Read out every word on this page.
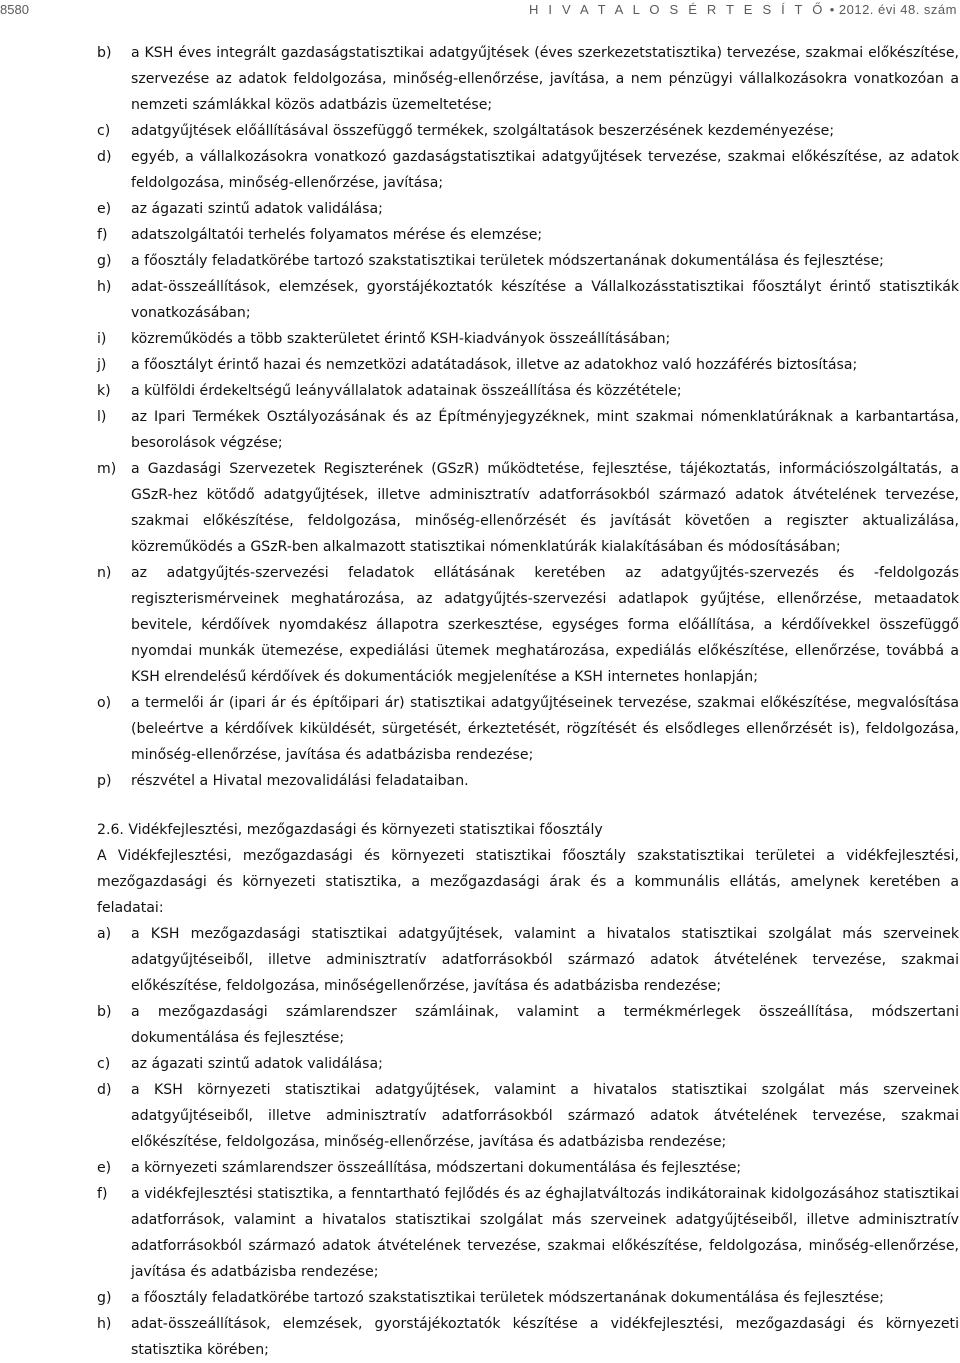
8580	H I V A T A L O S É R T E S Í T Ő • 2012. évi 48. szám
b)	a KSH éves integrált gazdaságstatisztikai adatgyűjtések (éves szerkezetstatisztika) tervezése, szakmai előkészítése, szervezése az adatok feldolgozása, minőség-ellenőrzése, javítása, a nem pénzügyi vállalkozásokra vonatkozóan a nemzeti számlákkal közös adatbázis üzemeltetése;
c)	adatgyűjtések előállításával összefüggő termékek, szolgáltatások beszerzésének kezdeményezése;
d)	egyéb, a vállalkozásokra vonatkozó gazdaságstatisztikai adatgyűjtések tervezése, szakmai előkészítése, az adatok feldolgozása, minőség-ellenőrzése, javítása;
e)	az ágazati szintű adatok validálása;
f)	adatszolgáltatói terhelés folyamatos mérése és elemzése;
g)	a főosztály feladatkörébe tartozó szakstatisztikai területek módszertanának dokumentálása és fejlesztése;
h)	adat-összeállítások, elemzések, gyorstájékoztatók készítése a Vállalkozásstatisztikai főosztályt érintő statisztikák vonatkozásában;
i)	közreműködés a több szakterületet érintő KSH-kiadványok összeállításában;
j)	a főosztályt érintő hazai és nemzetközi adatátadások, illetve az adatokhoz való hozzáférés biztosítása;
k)	a külföldi érdekeltségű leányvállalatok adatainak összeállítása és közzététele;
l)	az Ipari Termékek Osztályozásának és az Építményjegyzéknek, mint szakmai nómenklatúráknak a karbantartása, besorolások végzése;
m)	a Gazdasági Szervezetek Regiszterének (GSzR) működtetése, fejlesztése, tájékoztatás, információszolgáltatás, a GSzR-hez kötődő adatgyűjtések, illetve adminisztratív adatforrásokból származó adatok átvételének tervezése, szakmai előkészítése, feldolgozása, minőség-ellenőrzését és javítását követően a regiszter aktualizálása, közreműködés a GSzR-ben alkalmazott statisztikai nómenklatúrák kialakításában és módosításában;
n)	az adatgyűjtés-szervezési feladatok ellátásának keretében az adatgyűjtés-szervezés és -feldolgozás regiszterismérveinek meghatározása, az adatgyűjtés-szervezési adatlapok gyűjtése, ellenőrzése, metaadatok bevitele, kérdőívek nyomdakész állapotra szerkesztése, egységes forma előállítása, a kérdőívekkel összefüggő nyomdai munkák ütemezése, expediálási ütemek meghatározása, expediálás előkészítése, ellenőrzése, továbbá a KSH elrendelésű kérdőívek és dokumentációk megjelenítése a KSH internetes honlapján;
o)	a termelői ár (ipari ár és építőipari ár) statisztikai adatgyűjtéseinek tervezése, szakmai előkészítése, megvalósítása (beleértve a kérdőívek kiküldését, sürgetését, érkeztetését, rögzítését és elsődleges ellenőrzését is), feldolgozása, minőség-ellenőrzése, javítása és adatbázisba rendezése;
p)	részvétel a Hivatal mezovalidálási feladataiban.
2.6. Vidékfejlesztési, mezőgazdasági és környezeti statisztikai főosztály
A Vidékfejlesztési, mezőgazdasági és környezeti statisztikai főosztály szakstatisztikai területei a vidékfejlesztési, mezőgazdasági és környezeti statisztika, a mezőgazdasági árak és a kommunális ellátás, amelynek keretében a feladatai:
a)	a KSH mezőgazdasági statisztikai adatgyűjtések, valamint a hivatalos statisztikai szolgálat más szerveinek adatgyűjtéseiből, illetve adminisztratív adatforrásokból származó adatok átvételének tervezése, szakmai előkészítése, feldolgozása, minőségellenőrzése, javítása és adatbázisba rendezése;
b)	a mezőgazdasági számlarendszer számláinak, valamint a termékmérlegek összeállítása, módszertani dokumentálása és fejlesztése;
c)	az ágazati szintű adatok validálása;
d)	a KSH környezeti statisztikai adatgyűjtések, valamint a hivatalos statisztikai szolgálat más szerveinek adatgyűjtéseiből, illetve adminisztratív adatforrásokból származó adatok átvételének tervezése, szakmai előkészítése, feldolgozása, minőség-ellenőrzése, javítása és adatbázisba rendezése;
e)	a környezeti számlarendszer összeállítása, módszertani dokumentálása és fejlesztése;
f)	a vidékfejlesztési statisztika, a fenntartható fejlődés és az éghajlatváltozás indikátorainak kidolgozásához statisztikai adatforrások, valamint a hivatalos statisztikai szolgálat más szerveinek adatgyűjtéseiből, illetve adminisztratív adatforrásokból származó adatok átvételének tervezése, szakmai előkészítése, feldolgozása, minőség-ellenőrzése, javítása és adatbázisba rendezése;
g)	a főosztály feladatkörébe tartozó szakstatisztikai területek módszertanának dokumentálása és fejlesztése;
h)	adat-összeállítások, elemzések, gyorstájékoztatók készítése a vidékfejlesztési, mezőgazdasági és környezeti statisztika körében;
